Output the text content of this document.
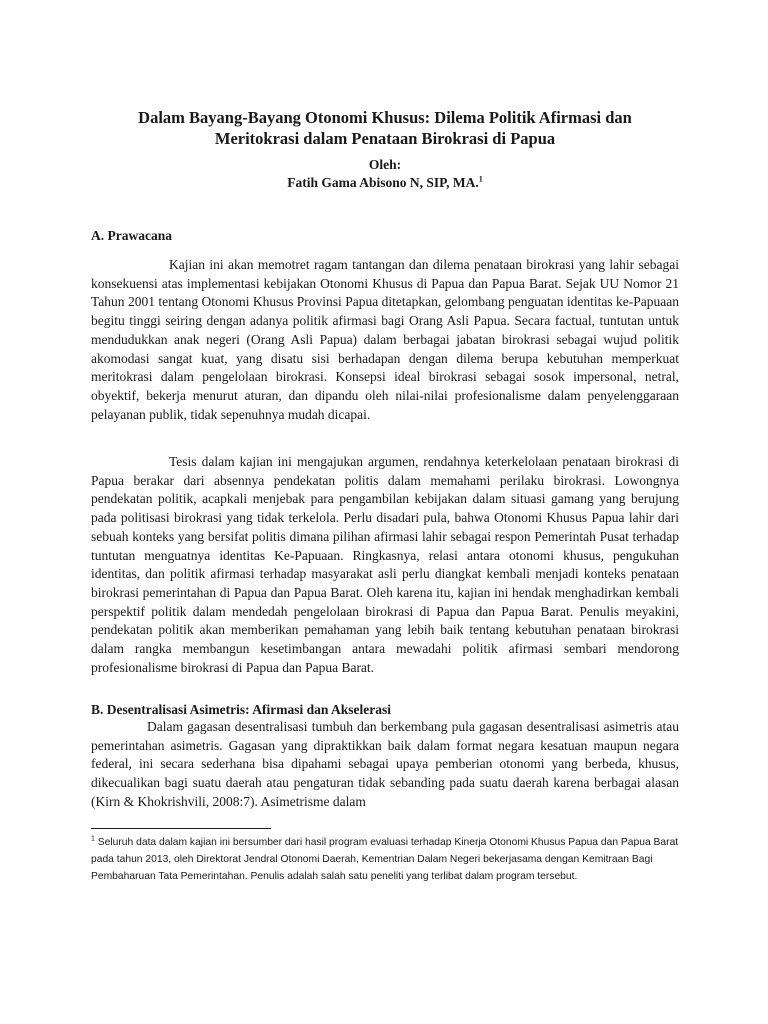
Dalam Bayang-Bayang Otonomi Khusus: Dilema Politik Afirmasi dan
Meritokrasi dalam Penataan Birokrasi di Papua
Oleh:
Fatih Gama Abisono N, SIP, MA.$^1$
A. Prawacana

Kajian ini akan memotret ragam tantangan dan dilema penataan birokrasi yang lahir sebagai konsekuensi atas implementasi kebijakan Otonomi Khusus di Papua dan Papua Barat. Sejak UU Nomor 21 Tahun 2001 tentang Otonomi Khusus Provinsi Papua ditetapkan, gelombang penguatan identitas ke-Papuaan begitu tinggi seiring dengan adanya politik afirmasi bagi Orang Asli Papua. Secara factual, tuntutan untuk mendudukkan anak negeri (Orang Asli Papua) dalam berbagai jabatan birokrasi sebagai wujud politik akomodasi sangat kuat, yang disatu sisi berhadapan dengan dilema berupa kebutuhan memperkuat meritokrasi dalam pengelolaan birokrasi. Konsepsi ideal birokrasi sebagai sosok impersonal, netral, obyektif, bekerja menurut aturan, dan dipandu oleh nilai-nilai profesionalisme dalam penyelenggaraan pelayanan publik, tidak sepenuhnya mudah dicapai.

Tesis dalam kajian ini mengajukan argumen, rendahnya keterkelolaan penataan birokrasi di Papua berakar dari absennya pendekatan politis dalam memahami perilaku birokrasi. Lowongnya pendekatan politik, acapkali menjebak para pengambilan kebijakan dalam situasi gamang yang berujung pada politisasi birokrasi yang tidak terkelola. Perlu disadari pula, bahwa Otonomi Khusus Papua lahir dari sebuah konteks yang bersifat politis dimana pilihan afirmasi lahir sebagai respon Pemerintah Pusat terhadap tuntutan menguatnya identitas Ke-Papuaan. Ringkasnya, relasi antara otonomi khusus, pengukuhan identitas, dan politik afirmasi terhadap masyarakat asli perlu diangkat kembali menjadi konteks penataan birokrasi pemerintahan di Papua dan Papua Barat. Oleh karena itu, kajian ini hendak menghadirkan kembali perspektif politik dalam mendedah pengelolaan birokrasi di Papua dan Papua Barat. Penulis meyakini, pendekatan politik akan memberikan pemahaman yang lebih baik tentang kebutuhan penataan birokrasi dalam rangka membangun kesetimbangan antara mewadahi politik afirmasi sembari mendorong profesionalisme birokrasi di Papua dan Papua Barat.

B. Desentralisasi Asimetris: Afirmasi dan Akselerasi

Dalam gagasan desentralisasi tumbuh dan berkembang pula gagasan desentralisasi asimetris atau pemerintahan asimetris. Gagasan yang dipraktikkan baik dalam format negara kesatuan maupun negara federal, ini secara sederhana bisa dipahami sebagai upaya pemberian otonomi yang berbeda, khusus, dikecualikan bagi suatu daerah atau pengaturan tidak sebanding pada suatu daerah karena berbagai alasan (Kirn & Khokrishvili, 2008:7). Asimetrisme dalam

$^1$ Seluruh data dalam kajian ini bersumber dari hasil program evaluasi terhadap Kinerja Otonomi Khusus Papua dan Papua Barat pada tahun 2013, oleh Direktorat Jendral Otonomi Daerah, Kementrian Dalam Negeri bekerjasama dengan Kemitraan Bagi Pembaharuan Tata Pemerintahan. Penulis adalah salah satu peneliti yang terlibat dalam program tersebut.
